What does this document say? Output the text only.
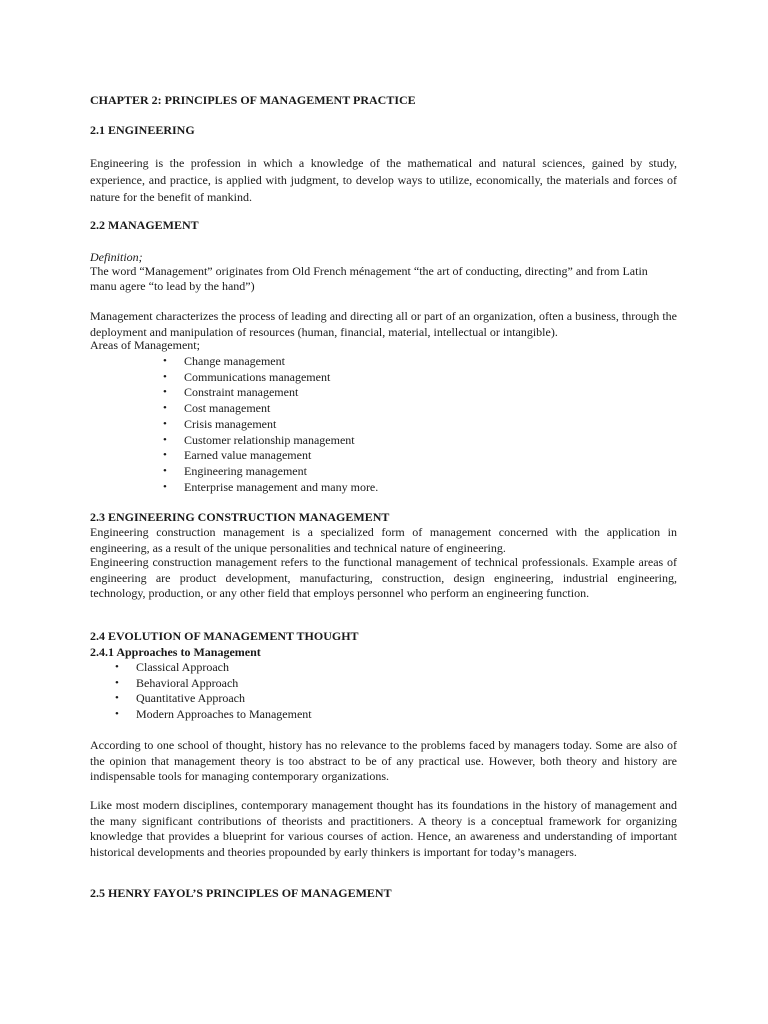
CHAPTER 2: PRINCIPLES OF MANAGEMENT PRACTICE
2.1 ENGINEERING

Engineering is the profession in which a knowledge of the mathematical and natural sciences, gained by study, experience, and practice, is applied with judgment, to develop ways to utilize, economically, the materials and forces of nature for the benefit of mankind.

2.2 MANAGEMENT
Definition;
The word “Management” originates from Old French ménagement “the art of conducting, directing” and from Latin
manu agere “to lead by the hand”)

Management characterizes the process of leading and directing all or part of an organization, often a business, through the deployment and manipulation of resources (human, financial, material, intellectual or intangible).

Areas of Management;
• Change management
• Communications management
• Constraint management
• Cost management
• Crisis management
• Customer relationship management
• Earned value management
• Engineering management
• Enterprise management and many more.
2.3 ENGINEERING CONSTRUCTION MANAGEMENT

Engineering construction management is a specialized form of management concerned with the application in engineering, as a result of the unique personalities and technical nature of engineering.

Engineering construction management refers to the functional management of technical professionals. Example areas of engineering are product development, manufacturing, construction, design engineering, industrial engineering, technology, production, or any other field that employs personnel who perform an engineering function.

2.4 EVOLUTION OF MANAGEMENT THOUGHT
2.4.1 Approaches to Management
• Classical Approach
• Behavioral Approach
• Quantitative Approach
• Modern Approaches to Management

According to one school of thought, history has no relevance to the problems faced by managers today. Some are also of the opinion that management theory is too abstract to be of any practical use. However, both theory and history are indispensable tools for managing contemporary organizations.

Like most modern disciplines, contemporary management thought has its foundations in the history of management and the many significant contributions of theorists and practitioners. A theory is a conceptual framework for organizing knowledge that provides a blueprint for various courses of action. Hence, an awareness and understanding of important historical developments and theories propounded by early thinkers is important for today’s managers.

2.5 HENRY FAYOL’S PRINCIPLES OF MANAGEMENT
